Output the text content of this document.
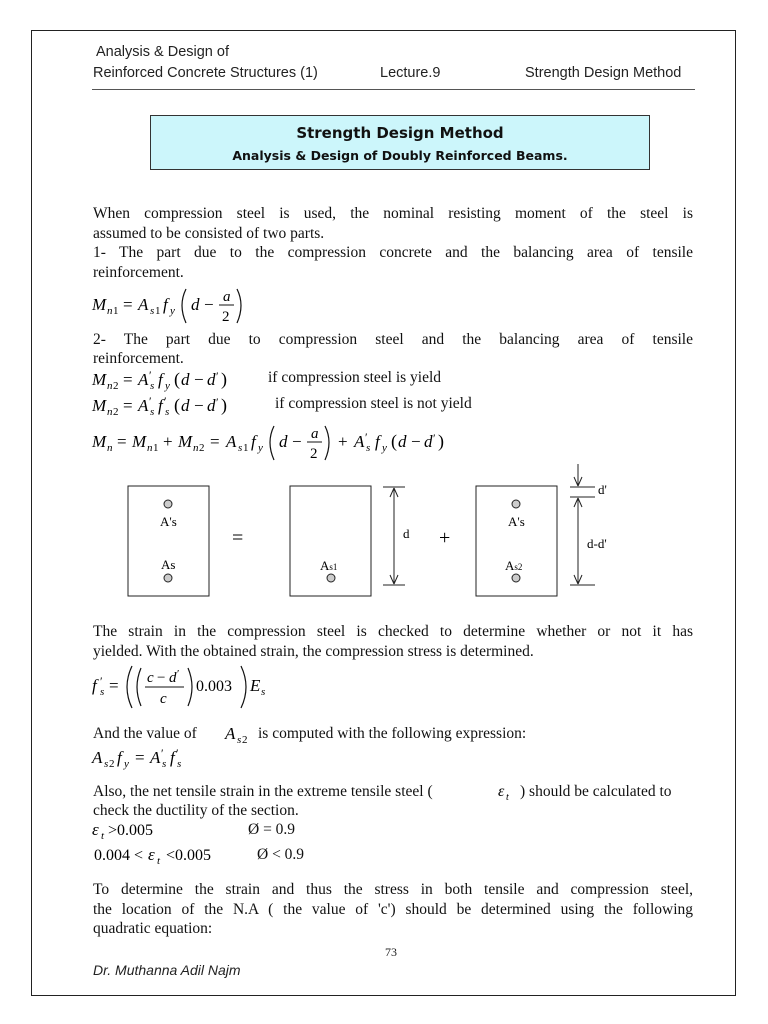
Analysis & Design of
Reinforced Concrete Structures (1)	Lecture.9	Strength Design Method
Strength Design Method
Analysis & Design of Doubly Reinforced Beams.
When compression steel is used, the nominal resisting moment of the steel is
assumed to be consisted of two parts.
1- The part due to the compression concrete and the balancing area of tensile
reinforcement.
M n 1 = A s 1 f y d − a
2
2- The part due to compression steel and the balancing area of tensile
reinforcement.
M n 2 = A ′
s f y ( d − d ′ )	if compression steel is yield
M n 2 = A ′
s f ′
s ( d − d ′ )	if compression steel is not yield
M n = M n 1 + M n 2 = A s 1 f y d − a
2
+ A ′
s f y ( d − d ′ )
A's
As
=
As1
d +
A's
As2
d'
d-d'
The strain in the compression steel is checked to determine whether or not it has
yielded. With the obtained strain, the compression stress is determined.
f ′
s = c − d ′
c
0.003 E s
And the value of A s 2 is computed with the following expression:
A s 2 f y = A ′
s f ′
s
Also, the net tensile strain in the extreme tensile steel (	ε t ) should be calculated to
check the ductility of the section.
ε t >0.005	Ø = 0.9
0.004 < ε t <0.005	Ø < 0.9
To determine the strain and thus the stress in both tensile and compression steel,
the location of the N.A ( the value of 'c') should be determined using the following
quadratic equation:
73
Dr. Muthanna Adil Najm
